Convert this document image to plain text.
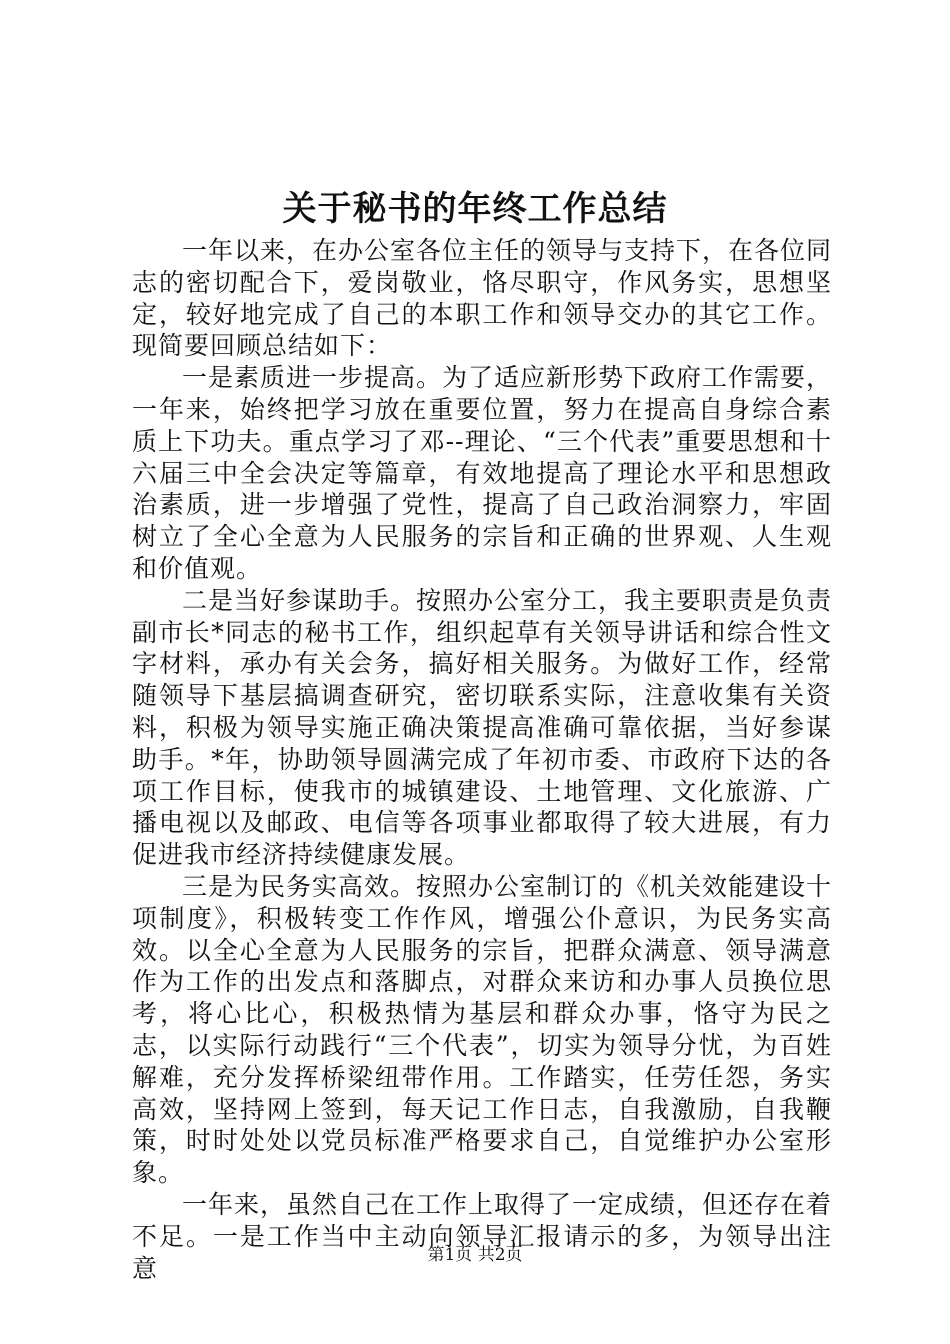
关于秘书的年终工作总结

一年以来，在办公室各位主任的领导与支持下，在各位同志的密切配合下，爱岗敬业，恪尽职守，作风务实，思想坚定，较好地完成了自己的本职工作和领导交办的其它工作。现简要回顾总结如下：

一是素质进一步提高。为了适应新形势下政府工作需要，一年来，始终把学习放在重要位置，努力在提高自身综合素质上下功夫。重点学习了邓--理论、“三个代表”重要思想和十六届三中全会决定等篇章，有效地提高了理论水平和思想政治素质，进一步增强了党性，提高了自己政治洞察力，牢固树立了全心全意为人民服务的宗旨和正确的世界观、人生观和价值观。

二是当好参谋助手。按照办公室分工，我主要职责是负责副市长*同志的秘书工作，组织起草有关领导讲话和综合性文字材料，承办有关会务，搞好相关服务。为做好工作，经常随领导下基层搞调查研究，密切联系实际，注意收集有关资料，积极为领导实施正确决策提高准确可靠依据，当好参谋助手。*年，协助领导圆满完成了年初市委、市政府下达的各项工作目标，使我市的城镇建设、土地管理、文化旅游、广播电视以及邮政、电信等各项事业都取得了较大进展，有力促进我市经济持续健康发展。

三是为民务实高效。按照办公室制订的《机关效能建设十项制度》，积极转变工作作风，增强公仆意识，为民务实高效。以全心全意为人民服务的宗旨，把群众满意、领导满意作为工作的出发点和落脚点，对群众来访和办事人员换位思考，将心比心，积极热情为基层和群众办事，恪守为民之志，以实际行动践行“三个代表”，切实为领导分忧，为百姓解难，充分发挥桥梁纽带作用。工作踏实，任劳任怨，务实高效，坚持网上签到，每天记工作日志，自我激励，自我鞭策，时时处处以党员标准严格要求自己，自觉维护办公室形象。

一年来，虽然自己在工作上取得了一定成绩，但还存在着不足。一是工作当中主动向领导汇报请示的多，为领导出注意	第1页 共2页
